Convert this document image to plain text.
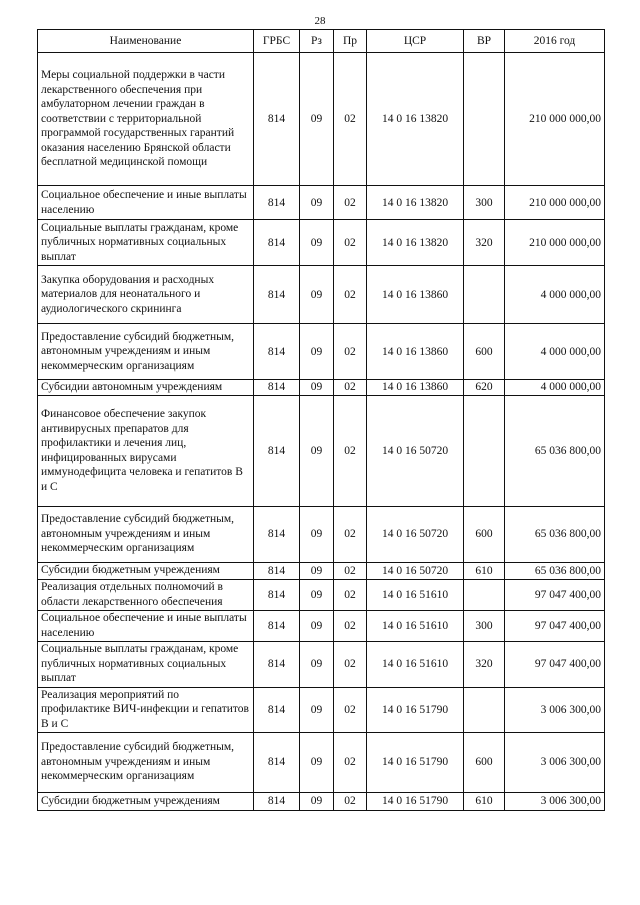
28
Наименование	ГРБС	Рз	Пр	ЦСР	ВР	2016 год
Меры социальной поддержки в части лекарственного обеспечения при амбулаторном лечении граждан в соответствии с территориальной программой государственных гарантий оказания населению Брянской области бесплатной медицинской помощи	814	09	02	14 0 16 13820		210 000 000,00
Социальное обеспечение и иные выплаты населению	814	09	02	14 0 16 13820	300	210 000 000,00
Социальные выплаты гражданам, кроме публичных нормативных социальных выплат	814	09	02	14 0 16 13820	320	210 000 000,00
Закупка оборудования и расходных материалов для неонатального и аудиологического скрининга	814	09	02	14 0 16 13860		4 000 000,00
Предоставление субсидий бюджетным, автономным учреждениям и иным некоммерческим организациям	814	09	02	14 0 16 13860	600	4 000 000,00
Субсидии автономным учреждениям	814	09	02	14 0 16 13860	620	4 000 000,00
Финансовое обеспечение закупок антивирусных препаратов для профилактики и лечения лиц, инфицированных вирусами иммунодефицита человека и гепатитов В и С	814	09	02	14 0 16 50720		65 036 800,00
Предоставление субсидий бюджетным, автономным учреждениям и иным некоммерческим организациям	814	09	02	14 0 16 50720	600	65 036 800,00
Субсидии бюджетным учреждениям	814	09	02	14 0 16 50720	610	65 036 800,00
Реализация отдельных полномочий в области лекарственного обеспечения	814	09	02	14 0 16 51610		97 047 400,00
Социальное обеспечение и иные выплаты населению	814	09	02	14 0 16 51610	300	97 047 400,00
Социальные выплаты гражданам, кроме публичных нормативных социальных выплат	814	09	02	14 0 16 51610	320	97 047 400,00
Реализация мероприятий по профилактике ВИЧ-инфекции и гепатитов В и С	814	09	02	14 0 16 51790		3 006 300,00
Предоставление субсидий бюджетным, автономным учреждениям и иным некоммерческим организациям	814	09	02	14 0 16 51790	600	3 006 300,00
Субсидии бюджетным учреждениям	814	09	02	14 0 16 51790	610	3 006 300,00
